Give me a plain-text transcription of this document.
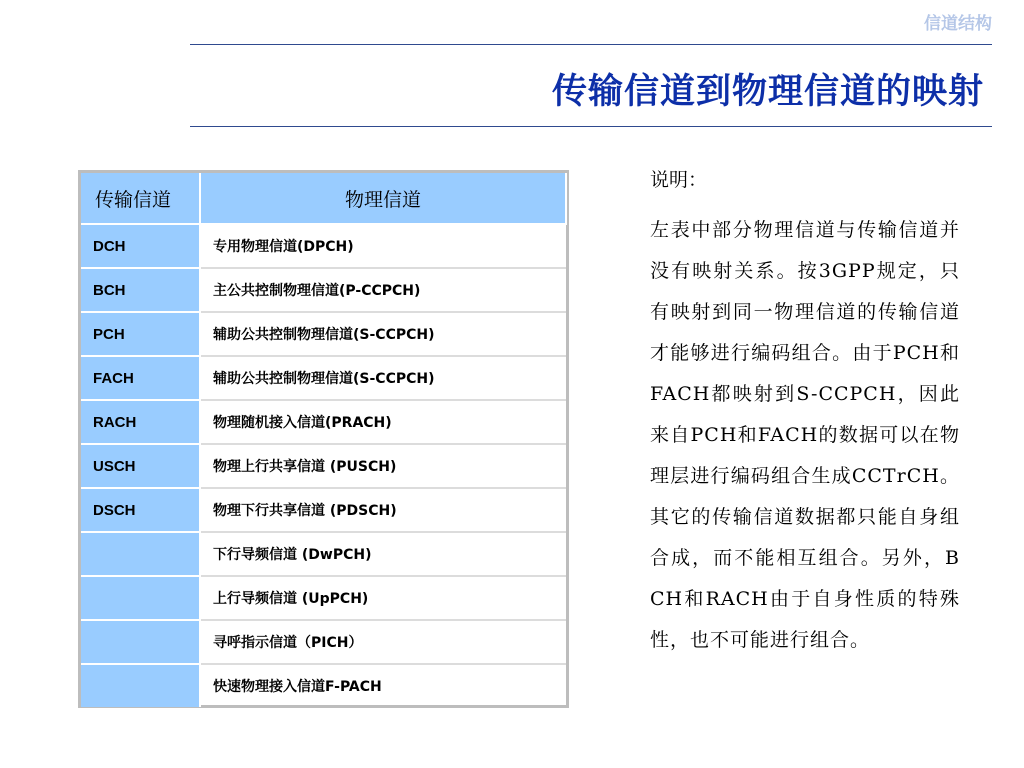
信道结构
传输信道到物理信道的映射
传输信道	物理信道
DCH	专用物理信道(DPCH)
BCH	主公共控制物理信道(P-CCPCH)
PCH	辅助公共控制物理信道(S-CCPCH)
FACH	辅助公共控制物理信道(S-CCPCH)
RACH	物理随机接入信道(PRACH)
USCH	物理上行共享信道 (PUSCH)
DSCH	物理下行共享信道 (PDSCH)
	下行导频信道 (DwPCH)
	上行导频信道 (UpPCH)
	寻呼指示信道（PICH）
	快速物理接入信道F-PACH

说明：

左表中部分物理信道与传输信道并没有映射关系。按3GPP规定，只有映射到同一物理信道的传输信道才能够进行编码组合。由于PCH和FACH都映射到S-CCPCH，因此来自PCH和FACH的数据可以在物理层进行编码组合生成CCTrCH。其它的传输信道数据都只能自身组合成，而不能相互组合。另外，BCH和RACH由于自身性质的特殊性，也不可能进行组合。
